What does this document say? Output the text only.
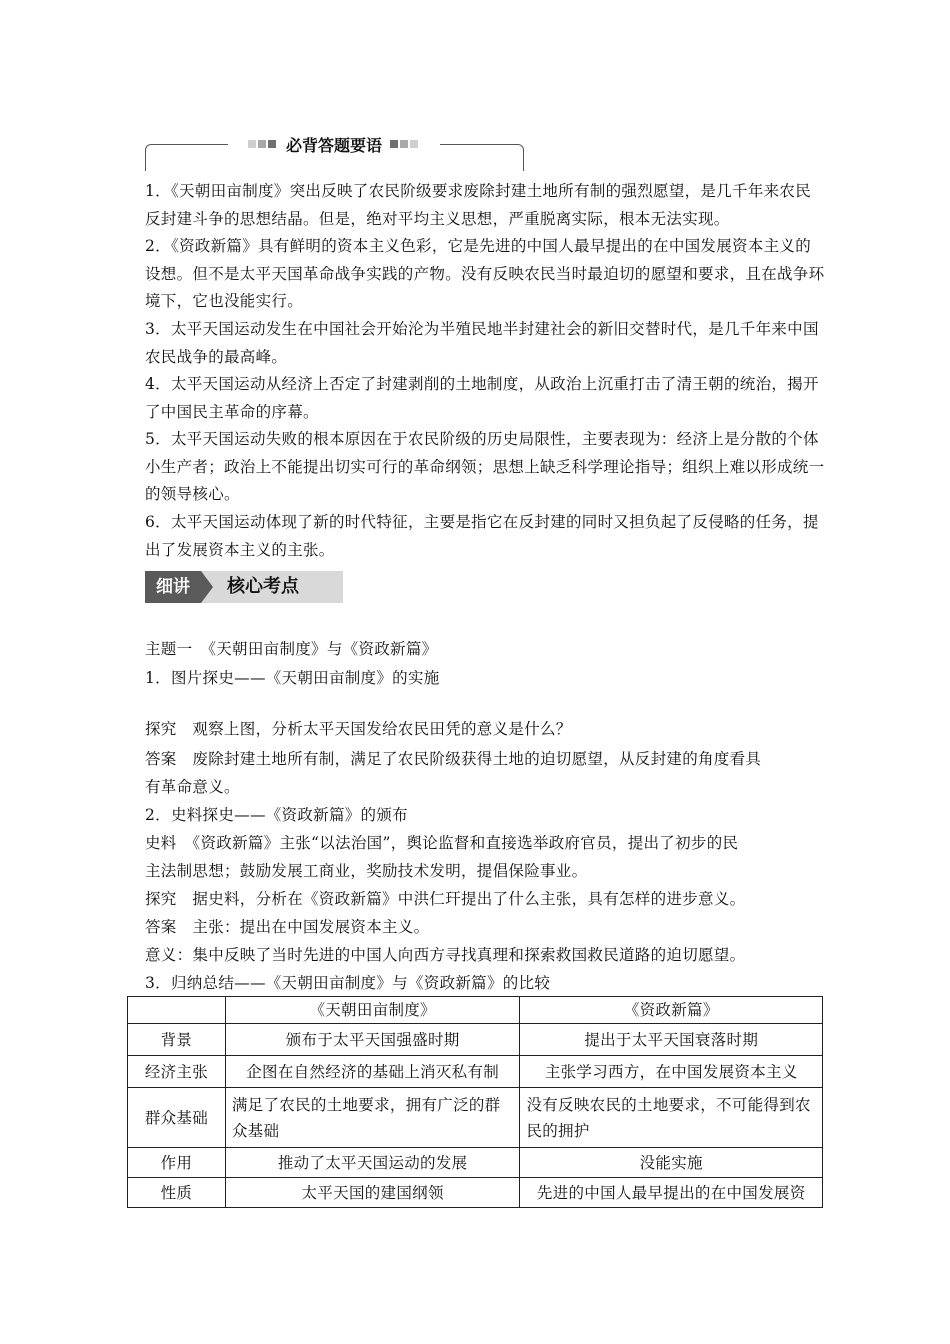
必背答题要语

1．《天朝田亩制度》突出反映了农民阶级要求废除封建土地所有制的强烈愿望，是几千年来农民反封建斗争的思想结晶。但是，绝对平均主义思想，严重脱离实际，根本无法实现。

2．《资政新篇》具有鲜明的资本主义色彩，它是先进的中国人最早提出的在中国发展资本主义的设想。但不是太平天国革命战争实践的产物。没有反映农民当时最迫切的愿望和要求，且在战争环境下，它也没能实行。

3．太平天国运动发生在中国社会开始沦为半殖民地半封建社会的新旧交替时代，是几千年来中国农民战争的最高峰。

4．太平天国运动从经济上否定了封建剥削的土地制度，从政治上沉重打击了清王朝的统治，揭开了中国民主革命的序幕。

5．太平天国运动失败的根本原因在于农民阶级的历史局限性，主要表现为：经济上是分散的个体小生产者；政治上不能提出切实可行的革命纲领；思想上缺乏科学理论指导；组织上难以形成统一的领导核心。

6．太平天国运动体现了新的时代特征，主要是指它在反封建的同时又担负起了反侵略的任务，提出了发展资本主义的主张。

细讲	核心考点
主题一　《天朝田亩制度》与《资政新篇》
1．图片探史——《天朝田亩制度》的实施
探究　观察上图，分析太平天国发给农民田凭的意义是什么？
答案　废除封建土地所有制，满足了农民阶级获得土地的迫切愿望，从反封建的角度看具
有革命意义。
2．史料探史——《资政新篇》的颁布
史料　《资政新篇》主张“以法治国”，舆论监督和直接选举政府官员，提出了初步的民
主法制思想；鼓励发展工商业，奖励技术发明，提倡保险事业。
探究　据史料，分析在《资政新篇》中洪仁玕提出了什么主张，具有怎样的进步意义。
答案　主张：提出在中国发展资本主义。
意义：集中反映了当时先进的中国人向西方寻找真理和探索救国救民道路的迫切愿望。
3．归纳总结——《天朝田亩制度》与《资政新篇》的比较
	《天朝田亩制度》	《资政新篇》
背景	颁布于太平天国强盛时期	提出于太平天国衰落时期
经济主张	企图在自然经济的基础上消灭私有制	主张学习西方，在中国发展资本主义
群众基础	满足了农民的土地要求，拥有广泛的群众基础	没有反映农民的土地要求，不可能得到农民的拥护
作用	推动了太平天国运动的发展	没能实施
性质	太平天国的建国纲领	先进的中国人最早提出的在中国发展资
